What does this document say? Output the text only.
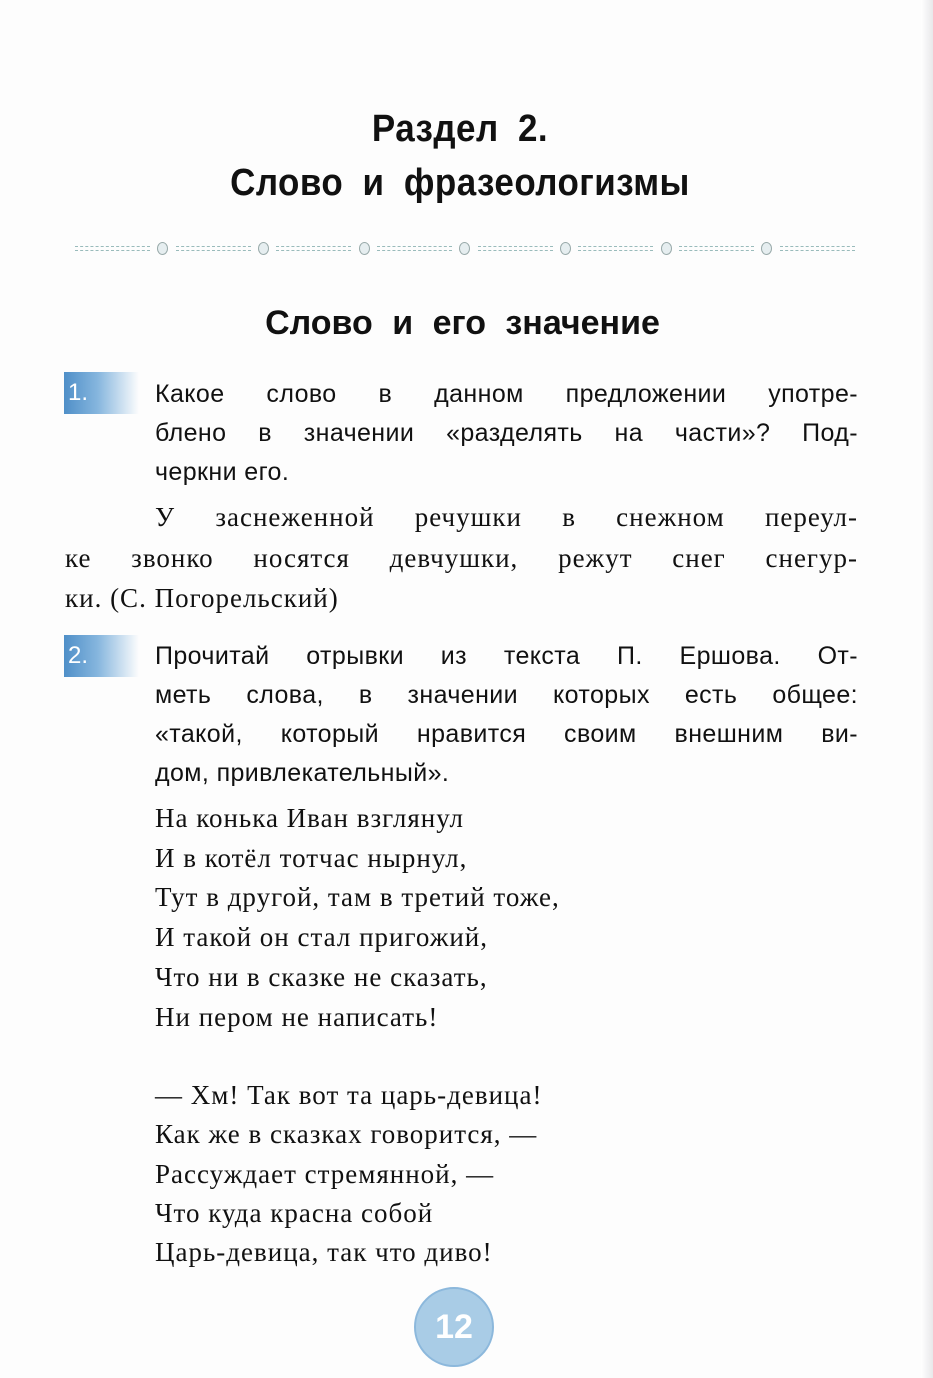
Раздел 2.
Слово и фразеологизмы
Слово и его значение
1.	Какое слово в данном предложении употре-
блено в значении «разделять на части»? Под-
черкни его.
У заснеженной речушки в снежном переул-
ке звонко носятся девчушки, режут снег снегур-
ки. (С. Погорельский)
2.	Прочитай отрывки из текста П. Ершова. От-
меть слова, в значении которых есть общее:
«такой, который нравится своим внешним ви-
дом, привлекательный».
На конька Иван взглянул
И в котёл тотчас нырнул,
Тут в другой, там в третий тоже,
И такой он стал пригожий,
Что ни в сказке не сказать,
Ни пером не написать!
— Хм! Так вот та царь-девица!
Как же в сказках говорится, —
Рассуждает стремянной, —
Что куда красна собой
Царь-девица, так что диво!
12
